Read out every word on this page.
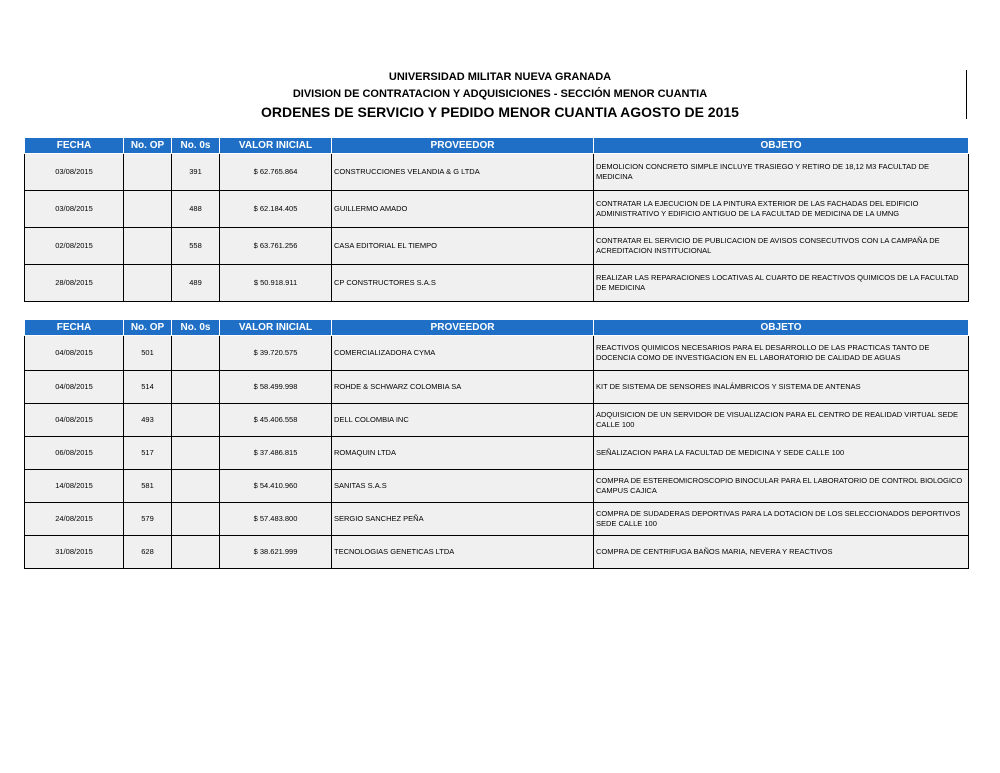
UNIVERSIDAD MILITAR NUEVA GRANADA
DIVISION DE CONTRATACION Y ADQUISICIONES - SECCIÓN MENOR CUANTIA
ORDENES DE SERVICIO Y PEDIDO MENOR CUANTIA AGOSTO DE 2015
FECHA	No. OP	No. 0s	VALOR INICIAL	PROVEEDOR	OBJETO
03/08/2015		391	$ 62.765.864	CONSTRUCCIONES VELANDIA & G LTDA	DEMOLICION CONCRETO SIMPLE INCLUYE TRASIEGO Y RETIRO DE 18,12 M3 FACULTAD DE MEDICINA
03/08/2015		488	$ 62.184.405	GUILLERMO AMADO	CONTRATAR LA EJECUCION DE LA PINTURA EXTERIOR DE LAS FACHADAS DEL EDIFICIO ADMINISTRATIVO Y EDIFICIO ANTIGUO DE LA FACULTAD DE MEDICINA DE LA UMNG
02/08/2015		558	$ 63.761.256	CASA EDITORIAL EL TIEMPO	CONTRATAR EL SERVICIO DE PUBLICACION DE AVISOS CONSECUTIVOS CON LA CAMPAÑA DE ACREDITACION INSTITUCIONAL
28/08/2015		489	$ 50.918.911	CP CONSTRUCTORES S.A.S	REALIZAR LAS REPARACIONES LOCATIVAS AL CUARTO DE REACTIVOS QUIMICOS DE LA FACULTAD DE MEDICINA
FECHA	No. OP	No. 0s	VALOR INICIAL	PROVEEDOR	OBJETO
04/08/2015	501		$ 39.720.575	COMERCIALIZADORA CYMA	REACTIVOS QUIMICOS NECESARIOS PARA EL DESARROLLO DE LAS PRACTICAS TANTO DE DOCENCIA COMO DE INVESTIGACION EN EL LABORATORIO DE CALIDAD DE AGUAS
04/08/2015	514		$ 58.499.998	ROHDE & SCHWARZ COLOMBIA SA	KIT DE SISTEMA DE SENSORES INALÁMBRICOS Y SISTEMA DE ANTENAS
04/08/2015	493		$ 45.406.558	DELL COLOMBIA INC	ADQUISICION DE UN SERVIDOR DE VISUALIZACION PARA EL CENTRO DE REALIDAD VIRTUAL SEDE CALLE 100
06/08/2015	517		$ 37.486.815	ROMAQUIN LTDA	SEÑALIZACION PARA LA FACULTAD DE MEDICINA Y SEDE CALLE 100
14/08/2015	581		$ 54.410.960	SANITAS S.A.S	COMPRA DE ESTEREOMICROSCOPIO BINOCULAR PARA EL LABORATORIO DE CONTROL BIOLOGICO CAMPUS CAJICA
24/08/2015	579		$ 57.483.800	SERGIO SANCHEZ PEÑA	COMPRA DE SUDADERAS DEPORTIVAS PARA LA DOTACION DE LOS SELECCIONADOS DEPORTIVOS SEDE CALLE 100
31/08/2015	628		$ 38.621.999	TECNOLOGIAS GENETICAS LTDA	COMPRA DE CENTRIFUGA BAÑOS MARIA, NEVERA Y REACTIVOS
